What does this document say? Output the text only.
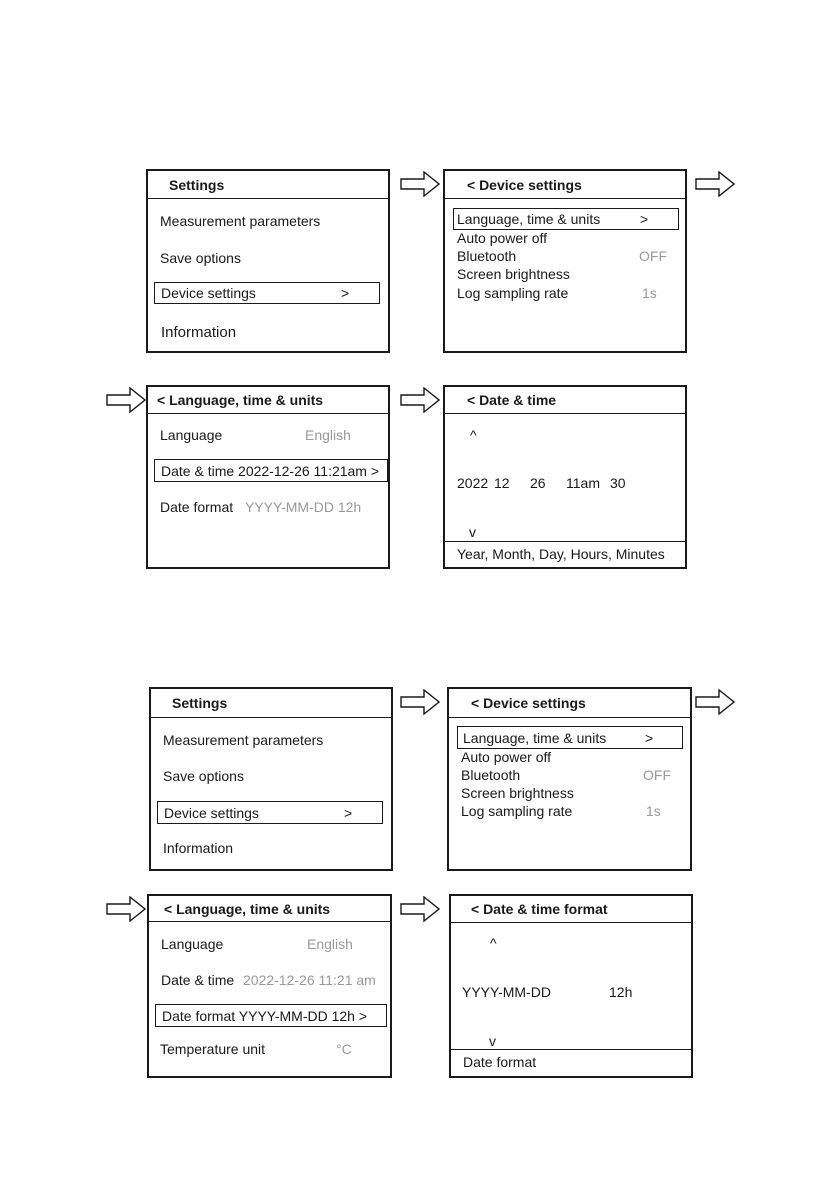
Settings
Measurement parameters
Save options
Device settings	>
Information
< Device settings
Language, time & units	>
Auto power off
Bluetooth	OFF
Screen brightness
Log sampling rate	1s
< Language, time & units
Language	English
Date & time 2022-12-26 11:21am >
Date format YYYY-MM-DD 12h
< Date & time
^
2022 12 26 11am 30
v
Year, Month, Day, Hours, Minutes
Settings
Measurement parameters
Save options
Device settings	>
Information
< Device settings
Language, time & units	>
Auto power off
Bluetooth	OFF
Screen brightness
Log sampling rate	1s
< Language, time & units
Language	English
Date & time 2022-12-26 11:21 am
Date format YYYY-MM-DD 12h >
Temperature unit	°C
< Date & time format
^
YYYY-MM-DD	12h
v
Date format
